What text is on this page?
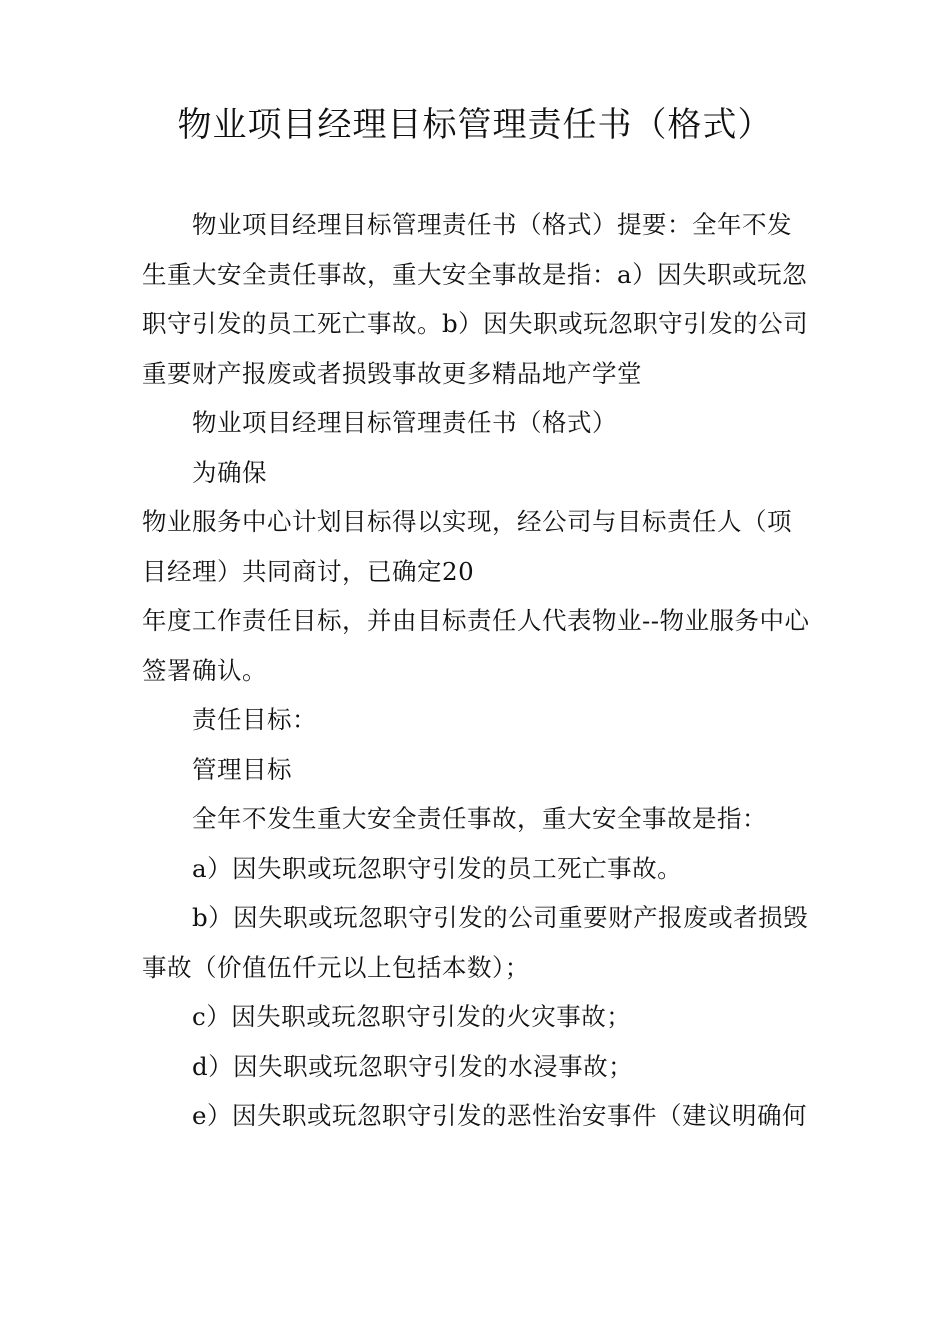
物业项目经理目标管理责任书（格式）

物业项目经理目标管理责任书（格式）提要：全年不发生重大安全责任事故，重大安全事故是指：a）因失职或玩忽职守引发的员工死亡事故。b）因失职或玩忽职守引发的公司重要财产报废或者损毁事故更多精品地产学堂

物业项目经理目标管理责任书（格式）

为确保

物业服务中心计划目标得以实现，经公司与目标责任人（项目经理）共同商讨，已确定20

年度工作责任目标，并由目标责任人代表物业--物业服务中心签署确认。

责任目标：

管理目标

全年不发生重大安全责任事故，重大安全事故是指：

a）因失职或玩忽职守引发的员工死亡事故。

b）因失职或玩忽职守引发的公司重要财产报废或者损毁事故（价值伍仟元以上包括本数）；

c）因失职或玩忽职守引发的火灾事故；

d）因失职或玩忽职守引发的水浸事故；

e）因失职或玩忽职守引发的恶性治安事件（建议明确何
